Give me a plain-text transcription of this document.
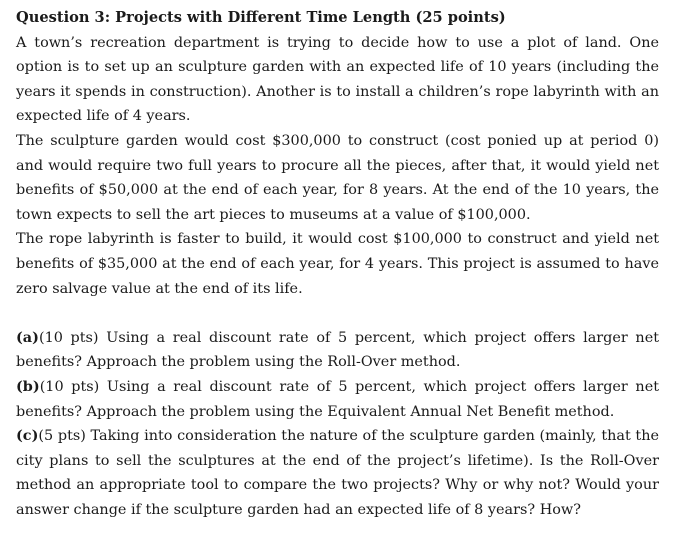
Question 3: Projects with Different Time Length (25 points)

A town’s recreation department is trying to decide how to use a plot of land. One option is to set up an sculpture garden with an expected life of 10 years (including the years it spends in construction). Another is to install a children’s rope labyrinth with an expected life of 4 years.

The sculpture garden would cost $300,000 to construct (cost ponied up at period 0) and would require two full years to procure all the pieces, after that, it would yield net benefits of $50,000 at the end of each year, for 8 years. At the end of the 10 years, the town expects to sell the art pieces to museums at a value of $100,000.

The rope labyrinth is faster to build, it would cost $100,000 to construct and yield net benefits of $35,000 at the end of each year, for 4 years. This project is assumed to have zero salvage value at the end of its life.

(a)(10 pts) Using a real discount rate of 5 percent, which project offers larger net benefits? Approach the problem using the Roll-Over method.

(b)(10 pts) Using a real discount rate of 5 percent, which project offers larger net benefits? Approach the problem using the Equivalent Annual Net Benefit method.

(c)(5 pts) Taking into consideration the nature of the sculpture garden (mainly, that the city plans to sell the sculptures at the end of the project’s lifetime). Is the Roll-Over method an appropriate tool to compare the two projects? Why or why not? Would your answer change if the sculpture garden had an expected life of 8 years? How?
